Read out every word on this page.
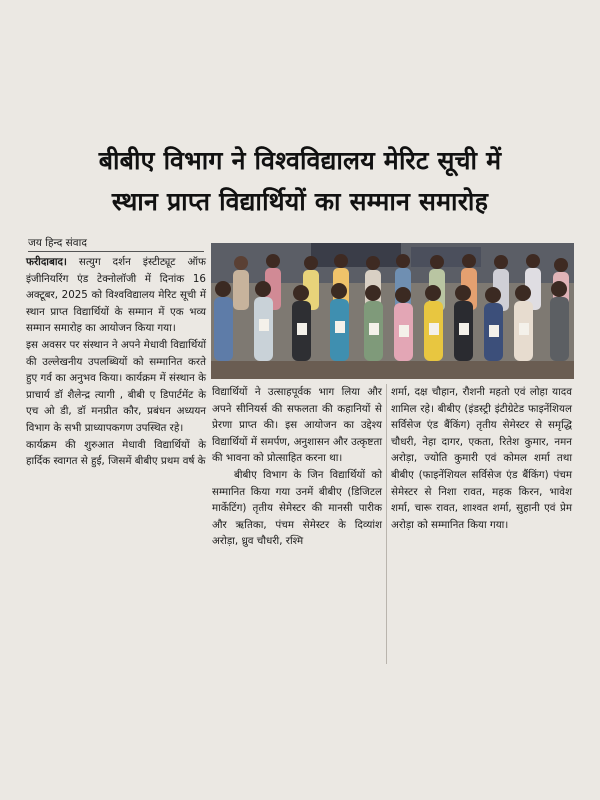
बीबीए विभाग ने विश्वविद्यालय मेरिट सूची में
स्थान प्राप्त विद्यार्थियों का सम्मान समारोह
जय हिन्द संवाद
फरीदाबाद। सत्युग दर्शन इंस्टीट्यूट ऑफ इंजीनियरिंग एंड टेक्नोलॉजी में दिनांक 16 अक्टूबर, 2025 को विश्वविद्यालय मेरिट सूची में स्थान प्राप्त विद्यार्थियों के सम्मान में एक भव्य सम्मान समारोह का आयोजन किया गया।
इस अवसर पर संस्थान ने अपने मेधावी विद्यार्थियों की उल्लेखनीय उपलब्धियों को सम्मानित करते हुए गर्व का अनुभव किया। कार्यक्रम में संस्थान के प्राचार्य डॉ शैलेन्द्र त्यागी , बीबी ए डिपार्टमेंट के एच ओ डी, डॉ मनप्रीत कौर, प्रबंधन अध्ययन विभाग के सभी प्राध्यापकगण उपस्थित रहे।
कार्यक्रम की शुरुआत मेधावी विद्यार्थियों के हार्दिक स्वागत से हुई, जिसमें बीबीए प्रथम वर्ष के
विद्यार्थियों ने उत्साहपूर्वक भाग लिया और अपने सीनियर्स की सफलता की कहानियों से प्रेरणा प्राप्त की। इस आयोजन का उद्देश्य विद्यार्थियों में समर्पण, अनुशासन और उत्कृष्टता की भावना को प्रोत्साहित करना था।
बीबीए विभाग के जिन विद्यार्थियों को सम्मानित किया गया उनमें बीबीए (डिजिटल मार्केटिंग) तृतीय सेमेस्टर की मानसी पारीक और ऋतिका, पंचम सेमेस्टर के दिव्यांश अरोड़ा, ध्रुव चौधरी, रश्मि
शर्मा, दक्ष चौहान, रौशनी महतो एवं लोहा यादव शामिल रहे। बीबीए (इंडस्ट्री इंटीग्रेटेड फाइनेंशियल सर्विसेज एंड बैंकिंग) तृतीय सेमेस्टर से समृद्धि चौधरी, नेहा दागर, एकता, रितेश कुमार, नमन अरोड़ा, ज्योति कुमारी एवं कोमल शर्मा तथा बीबीए (फाइनेंशियल सर्विसेज एंड बैंकिंग) पंचम सेमेस्टर से निशा रावत, महक किरन, भावेश शर्मा, चारू रावत, शाश्वत शर्मा, सुहानी एवं प्रेम अरोड़ा को सम्मानित किया गया।
